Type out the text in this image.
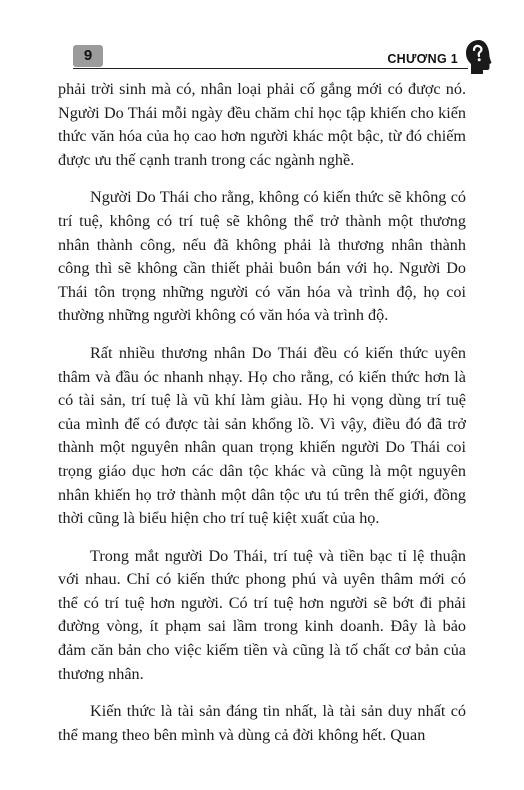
9	CHƯƠNG 1

phải trời sinh mà có, nhân loại phải cố gắng mới có được nó. Người Do Thái mỗi ngày đều chăm chỉ học tập khiến cho kiến thức văn hóa của họ cao hơn người khác một bậc, từ đó chiếm được ưu thế cạnh tranh trong các ngành nghề.

Người Do Thái cho rằng, không có kiến thức sẽ không có trí tuệ, không có trí tuệ sẽ không thể trở thành một thương nhân thành công, nếu đã không phải là thương nhân thành công thì sẽ không cần thiết phải buôn bán với họ. Người Do Thái tôn trọng những người có văn hóa và trình độ, họ coi thường những người không có văn hóa và trình độ.

Rất nhiều thương nhân Do Thái đều có kiến thức uyên thâm và đầu óc nhanh nhạy. Họ cho rằng, có kiến thức hơn là có tài sản, trí tuệ là vũ khí làm giàu. Họ hi vọng dùng trí tuệ của mình để có được tài sản khổng lồ. Vì vậy, điều đó đã trở thành một nguyên nhân quan trọng khiến người Do Thái coi trọng giáo dục hơn các dân tộc khác và cũng là một nguyên nhân khiến họ trở thành một dân tộc ưu tú trên thế giới, đồng thời cũng là biểu hiện cho trí tuệ kiệt xuất của họ.

Trong mắt người Do Thái, trí tuệ và tiền bạc tỉ lệ thuận với nhau. Chỉ có kiến thức phong phú và uyên thâm mới có thể có trí tuệ hơn người. Có trí tuệ hơn người sẽ bớt đi phải đường vòng, ít phạm sai lầm trong kinh doanh. Đây là bảo đảm căn bản cho việc kiếm tiền và cũng là tố chất cơ bản của thương nhân.

Kiến thức là tài sản đáng tin nhất, là tài sản duy nhất có thể mang theo bên mình và dùng cả đời không hết. Quan
